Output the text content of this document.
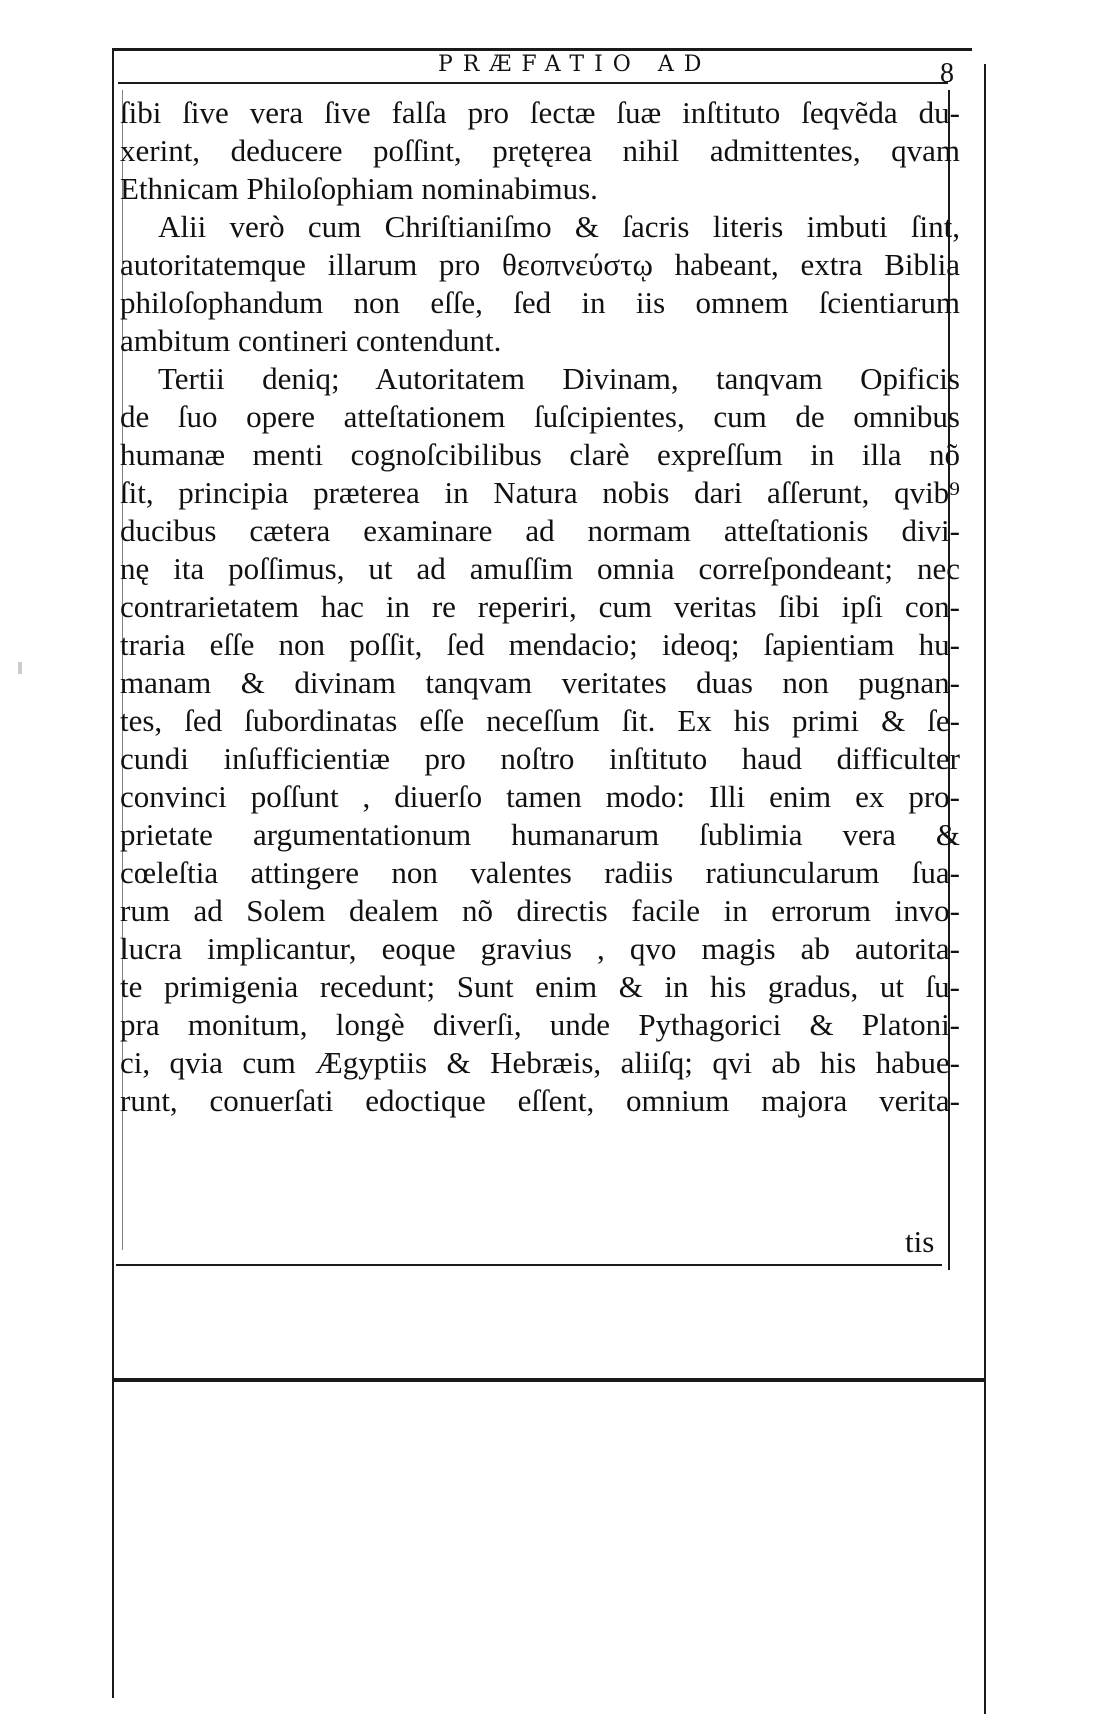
PRÆFATIO AD	8
ſibi ſive vera ſive falſa pro ſectæ ſuæ inſtituto ſeqvẽda du-
xerint, deducere poſſint, prętęrea nihil admittentes, qvam
Ethnicam Philoſophiam nominabimus.
Alii verò cum Chriſtianiſmo & ſacris literis imbuti ſint,
autoritatemque illarum pro θεοπνεύστῳ habeant, extra Biblia
philoſophandum non eſſe, ſed in iis omnem ſcientiarum
ambitum contineri contendunt.
Tertii deniq; Autoritatem Divinam, tanqvam Opificis
de ſuo opere atteſtationem ſuſcipientes, cum de omnibus
humanæ menti cognoſcibilibus clarè expreſſum in illa nõ
ſit, principia præterea in Natura nobis dari aſſerunt, qvib⁹
ducibus cætera examinare ad normam atteſtationis divi-
nę ita poſſimus, ut ad amuſſim omnia correſpondeant; nec
contrarietatem hac in re reperiri, cum veritas ſibi ipſi con-
traria eſſe non poſſit, ſed mendacio; ideoq; ſapientiam hu-
manam & divinam tanqvam veritates duas non pugnan-
tes, ſed ſubordinatas eſſe neceſſum ſit. Ex his primi & ſe-
cundi inſufficientiæ pro noſtro inſtituto haud difficulter
convinci poſſunt , diuerſo tamen modo: Illi enim ex pro-
prietate argumentationum humanarum ſublimia vera &
cœleſtia attingere non valentes radiis ratiuncularum ſua-
rum ad Solem dealem nõ directis facile in errorum invo-
lucra implicantur, eoque gravius , qvo magis ab autorita-
te primigenia recedunt; Sunt enim & in his gradus, ut ſu-
pra monitum, longè diverſi, unde Pythagorici & Platoni-
ci, qvia cum Ægyptiis & Hebræis, aliiſq; qvi ab his habue-
runt, conuerſati edoctique eſſent, omnium majora verita-
tis
